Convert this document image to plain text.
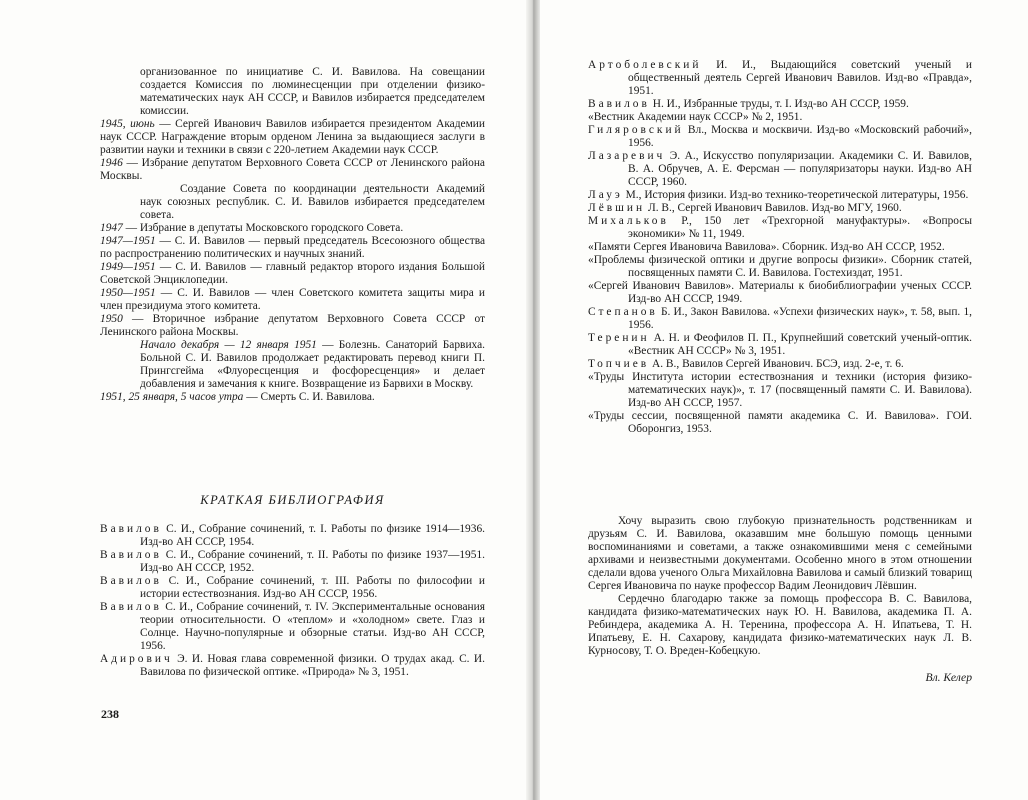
организованное по инициативе С. И. Вавилова. На совещании создается Комиссия по люминесценции при отделении физико-математических наук АН СССР, и Вавилов избирается председателем комиссии.

1945, июнь — Сергей Иванович Вавилов избирается президентом Академии наук СССР. Награждение вторым орденом Ленина за выдающиеся заслуги в развитии науки и техники в связи с 220-летием Академии наук СССР.

1946 — Избрание депутатом Верховного Совета СССР от Ленинского района Москвы.

Создание Совета по координации деятельности Академий наук союзных республик. С. И. Вавилов избирается председателем совета.

1947 — Избрание в депутаты Московского городского Совета.

1947—1951 — С. И. Вавилов — первый председатель Всесоюзного общества по распространению политических и научных знаний.

1949—1951 — С. И. Вавилов — главный редактор второго издания Большой Советской Энциклопедии.

1950—1951 — С. И. Вавилов — член Советского комитета защиты мира и член президиума этого комитета.

1950 — Вторичное избрание депутатом Верховного Совета СССР от Ленинского района Москвы.

Начало декабря — 12 января 1951 — Болезнь. Санаторий Барвиха. Больной С. И. Вавилов продолжает редактировать перевод книги П. Прингсгейма «Флуоресценция и фосфоресценция» и делает добавления и замечания к книге. Возвращение из Барвихи в Москву.

1951, 25 января, 5 часов утра — Смерть С. И. Вавилова.

КРАТКАЯ БИБЛИОГРАФИЯ

Вавилов С. И., Собрание сочинений, т. I. Работы по физике 1914—1936. Изд-во АН СССР, 1954.

Вавилов С. И., Собрание сочинений, т. II. Работы по физике 1937—1951. Изд-во АН СССР, 1952.

Вавилов С. И., Собрание сочинений, т. III. Работы по философии и истории естествознания. Изд-во АН СССР, 1956.

Вавилов С. И., Собрание сочинений, т. IV. Экспериментальные основания теории относительности. О «теплом» и «холодном» свете. Глаз и Солнце. Научно-популярные и обзорные статьи. Изд-во АН СССР, 1956.

Адирович Э. И. Новая глава современной физики. О трудах акад. С. И. Вавилова по физической оптике. «Природа» № 3, 1951.

238

Артоболевский И. И., Выдающийся советский ученый и общественный деятель Сергей Иванович Вавилов. Изд-во «Правда», 1951.

Вавилов Н. И., Избранные труды, т. I. Изд-во АН СССР, 1959.

«Вестник Академии наук СССР» № 2, 1951.

Гиляровский Вл., Москва и москвичи. Изд-во «Московский рабочий», 1956.

Лазаревич Э. А., Искусство популяризации. Академики С. И. Вавилов, В. А. Обручев, А. Е. Ферсман — популяризаторы науки. Изд-во АН СССР, 1960.

Лауэ М., История физики. Изд-во технико-теоретической литературы, 1956.

Лёвшин Л. В., Сергей Иванович Вавилов. Изд-во МГУ, 1960.

Михальков Р., 150 лет «Трехгорной мануфактуры». «Вопросы экономики» № 11, 1949.

«Памяти Сергея Ивановича Вавилова». Сборник. Изд-во АН СССР, 1952.

«Проблемы физической оптики и другие вопросы физики». Сборник статей, посвященных памяти С. И. Вавилова. Гостехиздат, 1951.

«Сергей Иванович Вавилов». Материалы к биобиблиографии ученых СССР. Изд-во АН СССР, 1949.

Степанов Б. И., Закон Вавилова. «Успехи физических наук», т. 58, вып. 1, 1956.

Теренин А. Н. и Феофилов П. П., Крупнейший советский ученый-оптик. «Вестник АН СССР» № 3, 1951.

Топчиев А. В., Вавилов Сергей Иванович. БСЭ, изд. 2-е, т. 6.

«Труды Института истории естествознания и техники (история физико-математических наук)», т. 17 (посвященный памяти С. И. Вавилова). Изд-во АН СССР, 1957.

«Труды сессии, посвященной памяти академика С. И. Вавилова». ГОИ. Оборонгиз, 1953.

Хочу выразить свою глубокую признательность родственникам и друзьям С. И. Вавилова, оказавшим мне большую помощь ценными воспоминаниями и советами, а также ознакомившими меня с семейными архивами и неизвестными документами. Особенно много в этом отношении сделали вдова ученого Ольга Михайловна Вавилова и самый близкий товарищ Сергея Ивановича по науке профессор Вадим Леонидович Лёвшин.

Сердечно благодарю также за помощь профессора В. С. Вавилова, кандидата физико-математических наук Ю. Н. Вавилова, академика П. А. Ребиндера, академика А. Н. Теренина, профессора А. Н. Ипатьева, Т. Н. Ипатьеву, Е. Н. Сахарову, кандидата физико-математических наук Л. В. Курносову, Т. О. Вреден-Кобецкую.

Вл. Келер
